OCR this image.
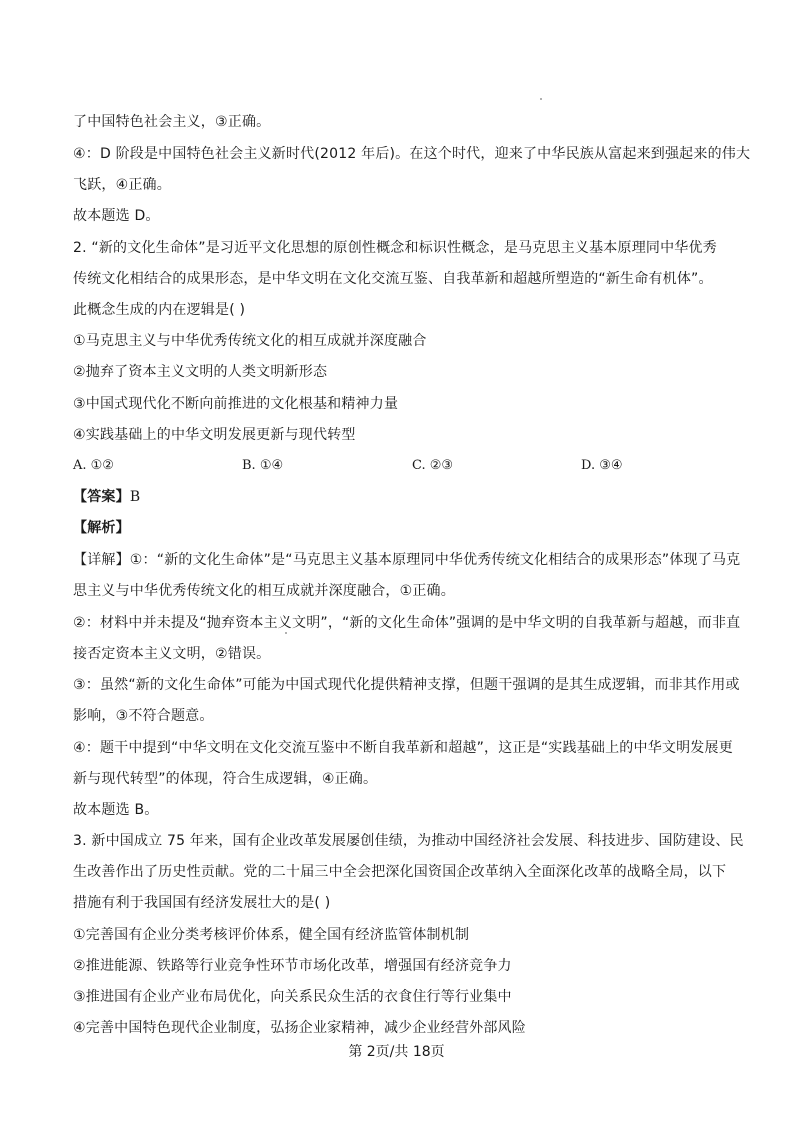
了中国特色社会主义，③正确。
④：D 阶段是中国特色社会主义新时代(2012 年后)。在这个时代，迎来了中华民族从富起来到强起来的伟大
飞跃，④正确。
故本题选 D。
2. “新的文化生命体”是习近平文化思想的原创性概念和标识性概念，是马克思主义基本原理同中华优秀
传统文化相结合的成果形态，是中华文明在文化交流互鉴、自我革新和超越所塑造的“新生命有机体”。
此概念生成的内在逻辑是( )
①马克思主义与中华优秀传统文化的相互成就并深度融合
②抛弃了资本主义文明的人类文明新形态
③中国式现代化不断向前推进的文化根基和精神力量
④实践基础上的中华文明发展更新与现代转型
A. ①②	B. ①④	C. ②③	D. ③④
【答案】B
【解析】
【详解】①：“新的文化生命体”是“马克思主义基本原理同中华优秀传统文化相结合的成果形态”体现了马克
思主义与中华优秀传统文化的相互成就并深度融合，①正确。
②：材料中并未提及“抛弃资本主义文明”，“新的文化生命体”强调的是中华文明的自我革新与超越，而非直
接否定资本主义文明，②错误。
③：虽然“新的文化生命体”可能为中国式现代化提供精神支撑，但题干强调的是其生成逻辑，而非其作用或
影响，③不符合题意。
④：题干中提到“中华文明在文化交流互鉴中不断自我革新和超越”，这正是“实践基础上的中华文明发展更
新与现代转型”的体现，符合生成逻辑，④正确。
故本题选 B。
3. 新中国成立 75 年来，国有企业改革发展屡创佳绩，为推动中国经济社会发展、科技进步、国防建设、民
生改善作出了历史性贡献。党的二十届三中全会把深化国资国企改革纳入全面深化改革的战略全局，以下
措施有利于我国国有经济发展壮大的是( )
①完善国有企业分类考核评价体系，健全国有经济监管体制机制
②推进能源、铁路等行业竞争性环节市场化改革，增强国有经济竞争力
③推进国有企业产业布局优化，向关系民众生活的衣食住行等行业集中
④完善中国特色现代企业制度，弘扬企业家精神，减少企业经营外部风险
第 2页/共 18页
